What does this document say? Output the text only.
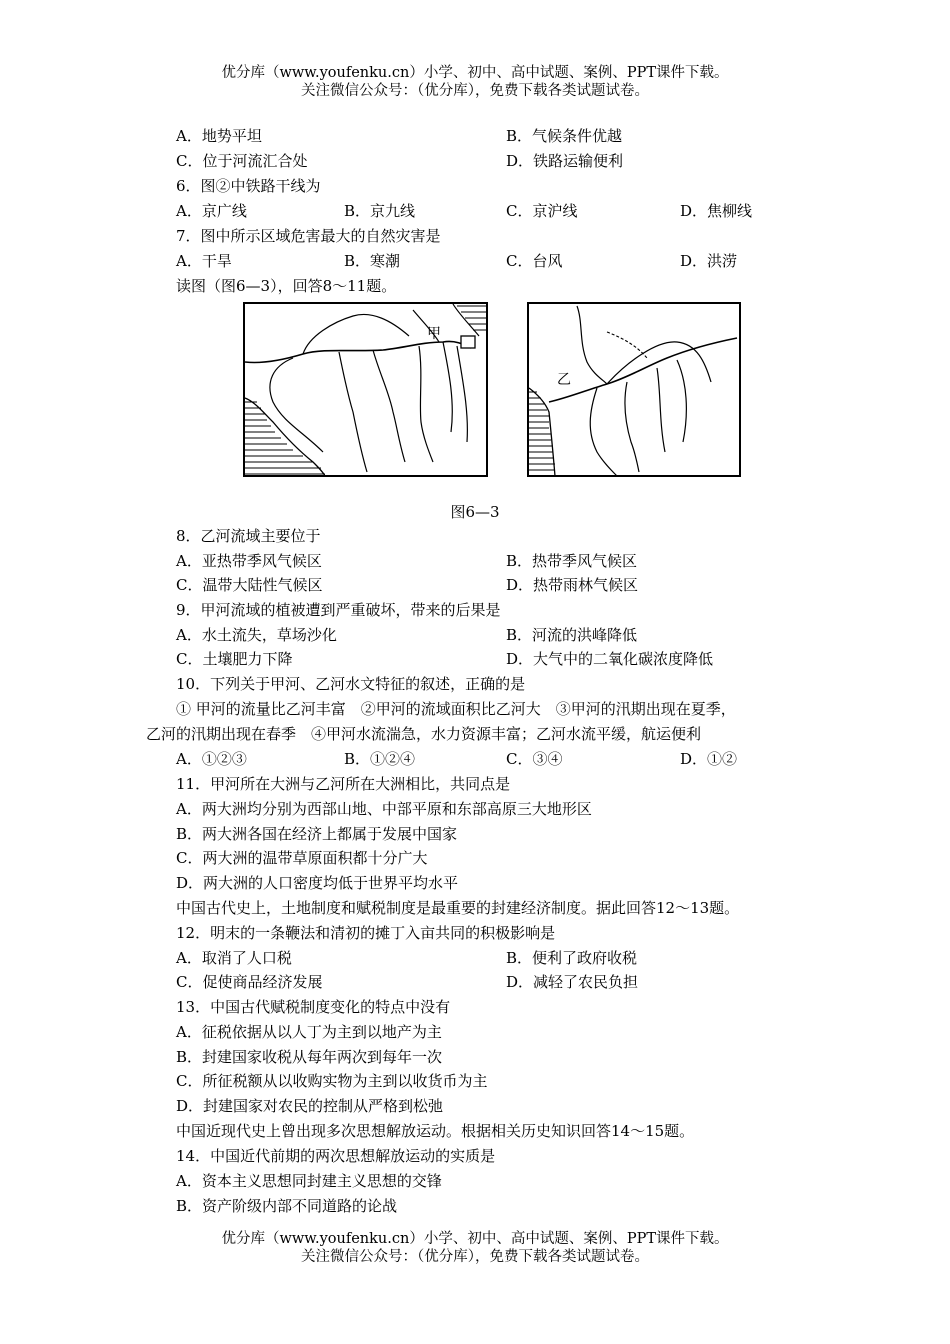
优分库（www.youfenku.cn）小学、初中、高中试题、案例、PPT课件下载。
关注微信公众号：（优分库），免费下载各类试题试卷。
A．地势平坦	B．气候条件优越
C．位于河流汇合处	D．铁路运输便利
6．图②中铁路干线为
A．京广线	B．京九线	C．京沪线	D．焦柳线
7．图中所示区域危害最大的自然灾害是
A．干旱	B．寒潮	C．台风	D．洪涝
读图（图6—3），回答8～11题。
甲
乙
图6—3
8．乙河流域主要位于
A．亚热带季风气候区	B．热带季风气候区
C．温带大陆性气候区	D．热带雨林气候区
9．甲河流域的植被遭到严重破坏，带来的后果是
A．水土流失，草场沙化	B．河流的洪峰降低
C．土壤肥力下降	D．大气中的二氧化碳浓度降低
10．下列关于甲河、乙河水文特征的叙述，正确的是
① 甲河的流量比乙河丰富　②甲河的流域面积比乙河大　③甲河的汛期出现在夏季，
乙河的汛期出现在春季　④甲河水流湍急，水力资源丰富；乙河水流平缓，航运便利
A．①②③	B．①②④	C．③④	D．①②
11．甲河所在大洲与乙河所在大洲相比，共同点是
A．两大洲均分别为西部山地、中部平原和东部高原三大地形区
B．两大洲各国在经济上都属于发展中国家
C．两大洲的温带草原面积都十分广大
D．两大洲的人口密度均低于世界平均水平
中国古代史上，土地制度和赋税制度是最重要的封建经济制度。据此回答12～13题。
12．明末的一条鞭法和清初的摊丁入亩共同的积极影响是
A．取消了人口税	B．便利了政府收税
C．促使商品经济发展	D．减轻了农民负担
13．中国古代赋税制度变化的特点中没有
A．征税依据从以人丁为主到以地产为主
B．封建国家收税从每年两次到每年一次
C．所征税额从以收购实物为主到以收货币为主
D．封建国家对农民的控制从严格到松弛
中国近现代史上曾出现多次思想解放运动。根据相关历史知识回答14～15题。
14．中国近代前期的两次思想解放运动的实质是
A．资本主义思想同封建主义思想的交锋
B．资产阶级内部不同道路的论战
优分库（www.youfenku.cn）小学、初中、高中试题、案例、PPT课件下载。
关注微信公众号：（优分库），免费下载各类试题试卷。
